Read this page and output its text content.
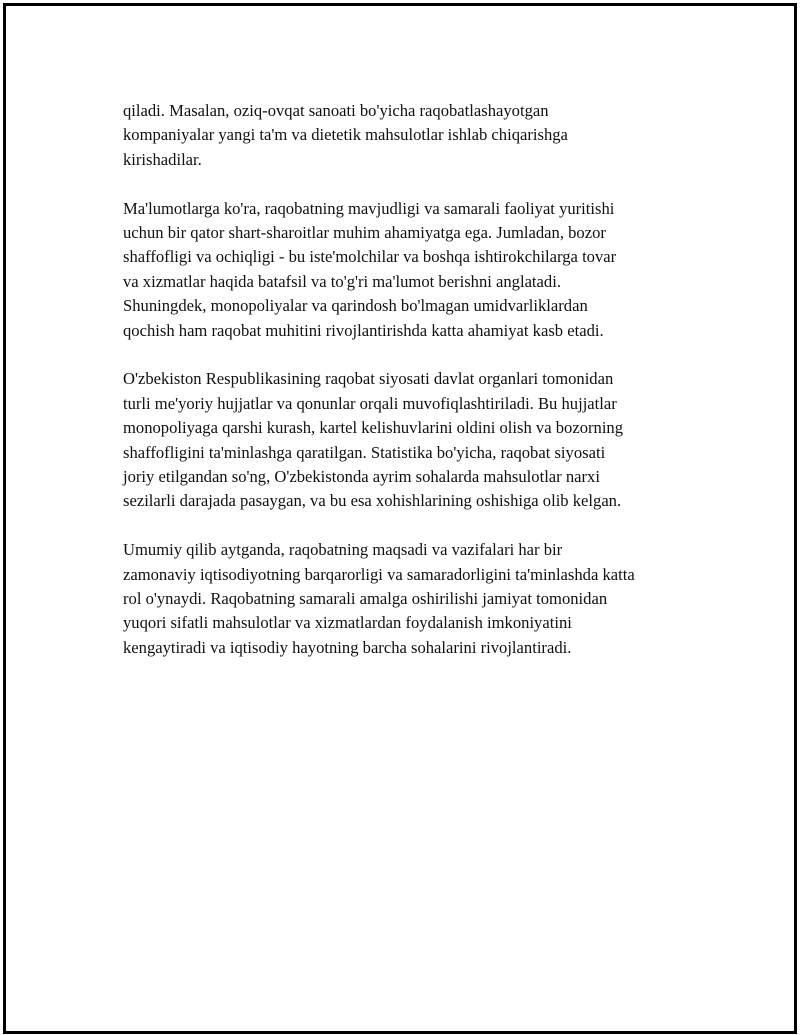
qiladi. Masalan, oziq-ovqat sanoati bo'yicha raqobatlashayotgan
kompaniyalar yangi ta'm va dietetik mahsulotlar ishlab chiqarishga
kirishadilar.

Ma'lumotlarga ko'ra, raqobatning mavjudligi va samarali faoliyat yuritishi
uchun bir qator shart-sharoitlar muhim ahamiyatga ega. Jumladan, bozor
shaffofligi va ochiqligi - bu iste'molchilar va boshqa ishtirokchilarga tovar
va xizmatlar haqida batafsil va to'g'ri ma'lumot berishni anglatadi.
Shuningdek, monopoliyalar va qarindosh bo'lmagan umidvarliklardan
qochish ham raqobat muhitini rivojlantirishda katta ahamiyat kasb etadi.

O'zbekiston Respublikasining raqobat siyosati davlat organlari tomonidan
turli me'yoriy hujjatlar va qonunlar orqali muvofiqlashtiriladi. Bu hujjatlar
monopoliyaga qarshi kurash, kartel kelishuvlarini oldini olish va bozorning
shaffofligini ta'minlashga qaratilgan. Statistika bo'yicha, raqobat siyosati
joriy etilgandan so'ng, O'zbekistonda ayrim sohalarda mahsulotlar narxi
sezilarli darajada pasaygan, va bu esa xohishlarining oshishiga olib kelgan.

Umumiy qilib aytganda, raqobatning maqsadi va vazifalari har bir
zamonaviy iqtisodiyotning barqarorligi va samaradorligini ta'minlashda katta
rol o'ynaydi. Raqobatning samarali amalga oshirilishi jamiyat tomonidan
yuqori sifatli mahsulotlar va xizmatlardan foydalanish imkoniyatini
kengaytiradi va iqtisodiy hayotning barcha sohalarini rivojlantiradi.
